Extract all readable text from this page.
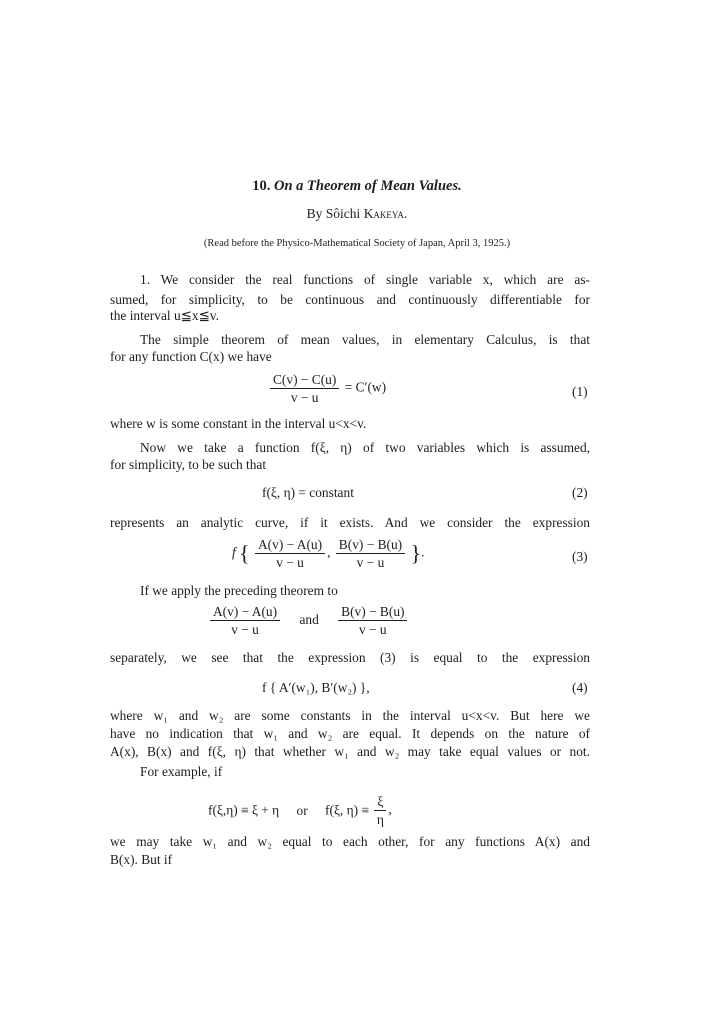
10. On a Theorem of Mean Values.
By Sôichi Kakeya.
(Read before the Physico-Mathematical Society of Japan, April 3, 1925.)
1. We consider the real functions of single variable x, which are as-
sumed, for simplicity, to be continuous and continuously differentiable for
the interval u≦x≦v.
The simple theorem of mean values, in elementary Calculus, is that
for any function C(x) we have
$\frac{C(v) - C(u)}{v - u} = C'(w)$	(1)
where w is some constant in the interval u<x<v.
Now we take a function f(ξ, η) of two variables which is assumed,
for simplicity, to be such that
f(ξ, η) = constant	(2)
represents an analytic curve, if it exists. And we consider the expression
f { $\frac{A(v) - A(u)}{v - u}$ , $\frac{B(v) - B(u)}{v - u}$ }.	(3)
If we apply the preceding theorem to
$\frac{A(v) - A(u)}{v - u}$ and $\frac{B(v) - B(u)}{v - u}$
separately, we see that the expression (3) is equal to the expression
f { A′(w₁), B′(w₂) },	(4)
where w₁ and w₂ are some constants in the interval u<x<v. But here we
have no indication that w₁ and w₂ are equal. It depends on the nature of
A(x), B(x) and f(ξ, η) that whether w₁ and w₂ may take equal values or not.
For example, if
f(ξ,η) ≡ ξ + η or f(ξ, $\eta) \equiv \frac{\xi}{\eta}$ ,
we may take w₁ and w₂ equal to each other, for any functions A(x) and
B(x). But if
